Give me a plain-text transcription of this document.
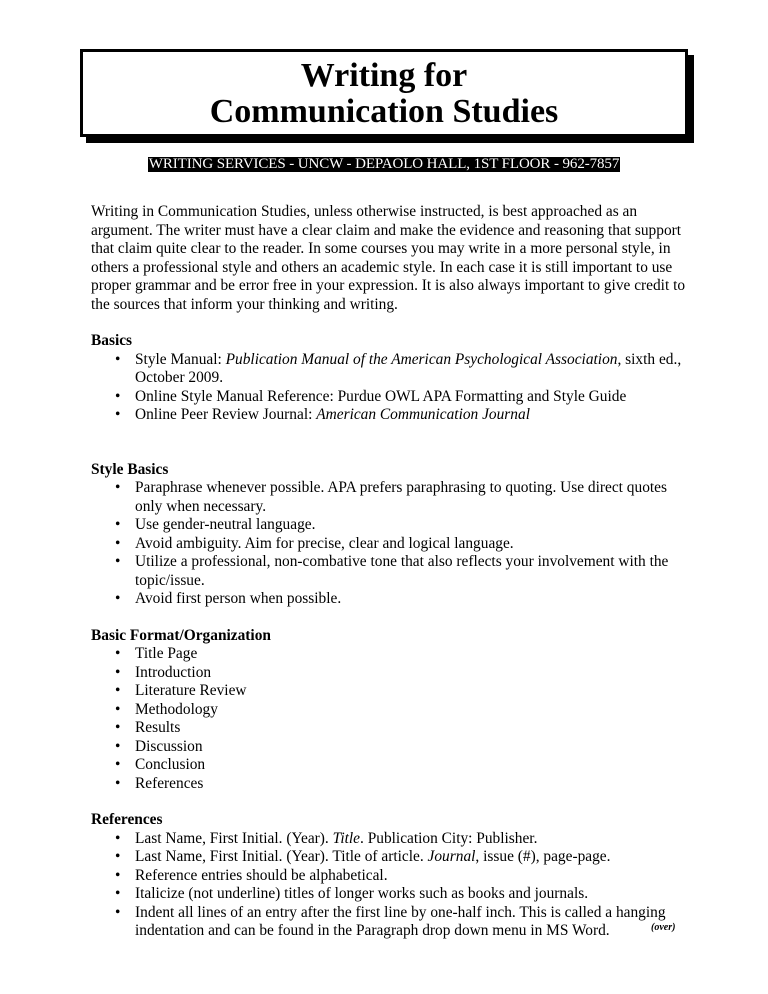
Writing for
Communication Studies
WRITING SERVICES - UNCW - DEPAOLO HALL, 1ST FLOOR - 962-7857

Writing in Communication Studies, unless otherwise instructed, is best approached as an argument. The writer must have a clear claim and make the evidence and reasoning that support that claim quite clear to the reader. In some courses you may write in a more personal style, in others a professional style and others an academic style. In each case it is still important to use proper grammar and be error free in your expression. It is also always important to give credit to the sources that inform your thinking and writing.

Basics

• Style Manual: Publication Manual of the American Psychological Association, sixth ed., October 2009.
• Online Style Manual Reference: Purdue OWL APA Formatting and Style Guide
• Online Peer Review Journal: American Communication Journal

Style Basics

• Paraphrase whenever possible. APA prefers paraphrasing to quoting. Use direct quotes only when necessary.
• Use gender-neutral language.
• Avoid ambiguity. Aim for precise, clear and logical language.
• Utilize a professional, non-combative tone that also reflects your involvement with the topic/issue.
• Avoid first person when possible.

Basic Format/Organization

• Title Page
• Introduction
• Literature Review
• Methodology
• Results
• Discussion
• Conclusion
• References

References

• Last Name, First Initial. (Year). Title. Publication City: Publisher.
• Last Name, First Initial. (Year). Title of article. Journal, issue (#), page-page.
• Reference entries should be alphabetical.
• Italicize (not underline) titles of longer works such as books and journals.
• Indent all lines of an entry after the first line by one-half inch. This is called a hanging indentation and can be found in the Paragraph drop down menu in MS Word.	(over)
